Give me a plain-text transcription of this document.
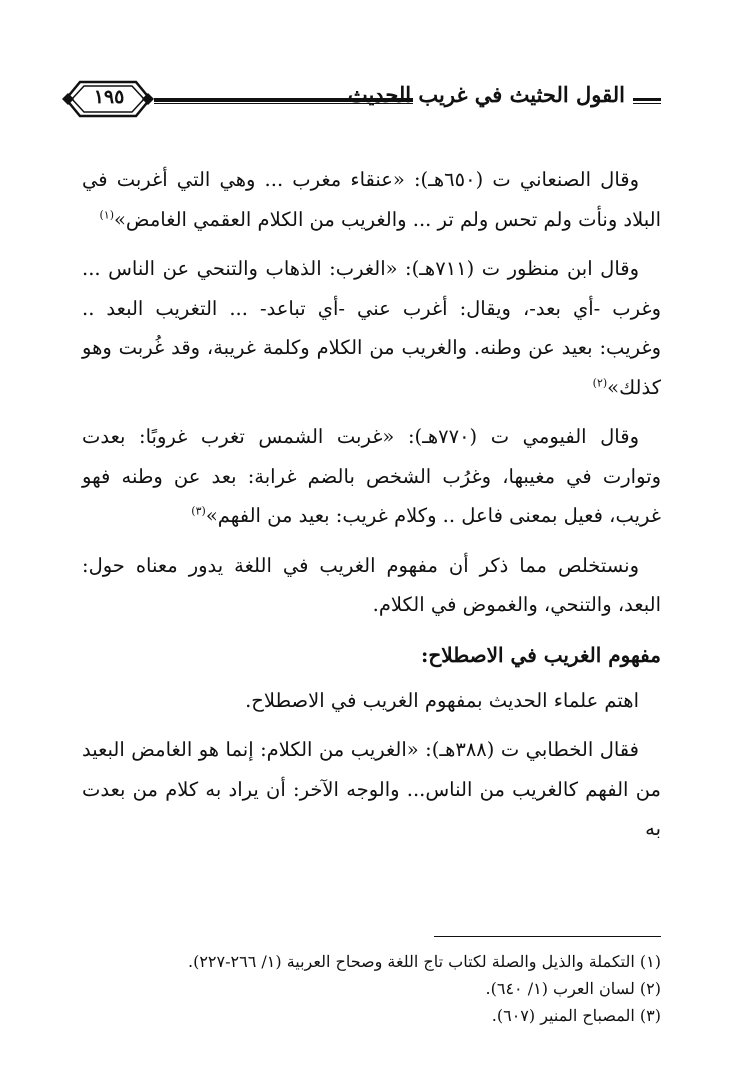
١٩٥	القول الحثيث في غريب الحديث

وقال الصنعاني ت (٦٥٠هـ): «عنقاء مغرب ... وهي التي أغربت في البلاد ونأت ولم تحس ولم تر ... والغريب من الكلام العقمي الغامض»$^{(١)}$

وقال ابن منظور ت (٧١١هـ): «الغرب: الذهاب والتنحي عن الناس ... وغرب -أي بعد-، ويقال: أغرب عني -أي تباعد- ... التغريب البعد .. وغريب: بعيد عن وطنه. والغريب من الكلام وكلمة غريبة، وقد غُربت وهو كذلك»$^{(٢)}$

وقال الفيومي ت (٧٧٠هـ): «غربت الشمس تغرب غروبًا: بعدت وتوارت في مغيبها، وغرُب الشخص بالضم غرابة: بعد عن وطنه فهو غريب، فعيل بمعنى فاعل .. وكلام غريب: بعيد من الفهم»$^{(٣)}$

ونستخلص مما ذكر أن مفهوم الغريب في اللغة يدور معناه حول: البعد، والتنحي، والغموض في الكلام.

مفهوم الغريب في الاصطلاح:

اهتم علماء الحديث بمفهوم الغريب في الاصطلاح.

فقال الخطابي ت (٣٨٨هـ): «الغريب من الكلام: إنما هو الغامض البعيد من الفهم كالغريب من الناس... والوجه الآخر: أن يراد به كلام من بعدت به

(١) التكملة والذيل والصلة لكتاب تاج اللغة وصحاح العربية (١/ ٢٦٦-٢٢٧).

(٢) لسان العرب (١/ ٦٤٠).

(٣) المصباح المنير (٦٠٧).
